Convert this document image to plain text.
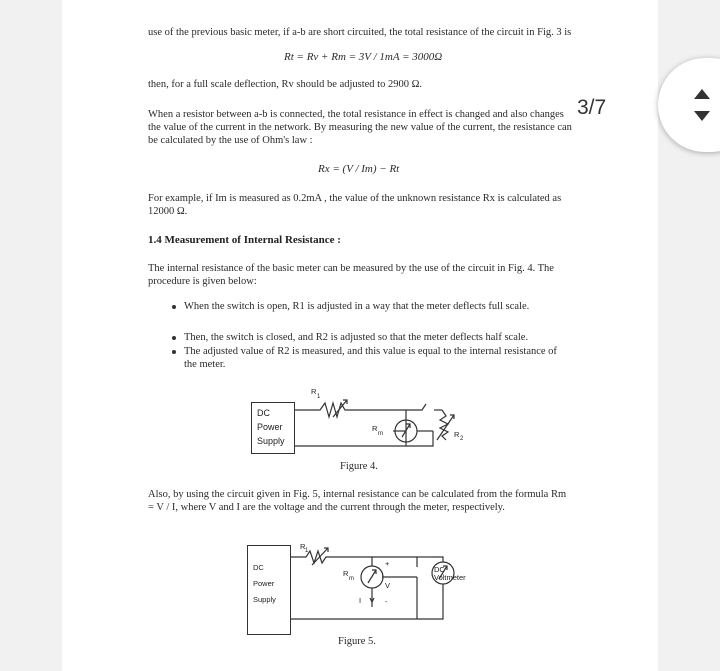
use of the previous basic meter, if a-b are short circuited, the total resistance of the circuit in Fig. 3 is

Rt = Rv + Rm = 3V / 1mA = 3000Ω

then, for a full scale deflection, Rv should be adjusted to 2900 Ω.

When a resistor between a-b is connected, the total resistance in effect is changed and also changes the value of the current in the network. By measuring the new value of the current, the resistance can be calculated by the use of Ohm's law :

Rx = (V / Im) − Rt

For example, if Im is measured as 0.2mA , the value of the unknown resistance Rx is calculated as 12000 Ω.

1.4 Measurement of Internal Resistance :

The internal resistance of the basic meter can be measured by the use of the circuit in Fig. 4. The procedure is given below:

When the switch is open, R1 is adjusted in a way that the meter deflects full scale.
Then, the switch is closed, and R2 is adjusted so that the meter deflects half scale.
The adjusted value of R2 is measured, and this value is equal to the internal resistance of the meter.
DC
Power
Supply
R
1
R
m	R 2
Figure 4.

Also, by using the circuit given in Fig. 5, internal resistance can be calculated from the formula Rm = V / I, where V and I are the voltage and the current through the meter, respectively.

DC
Power
Supply
R 1
R
m
+
V
-
I
DC
Voltmeter
Figure 5.
3/7
